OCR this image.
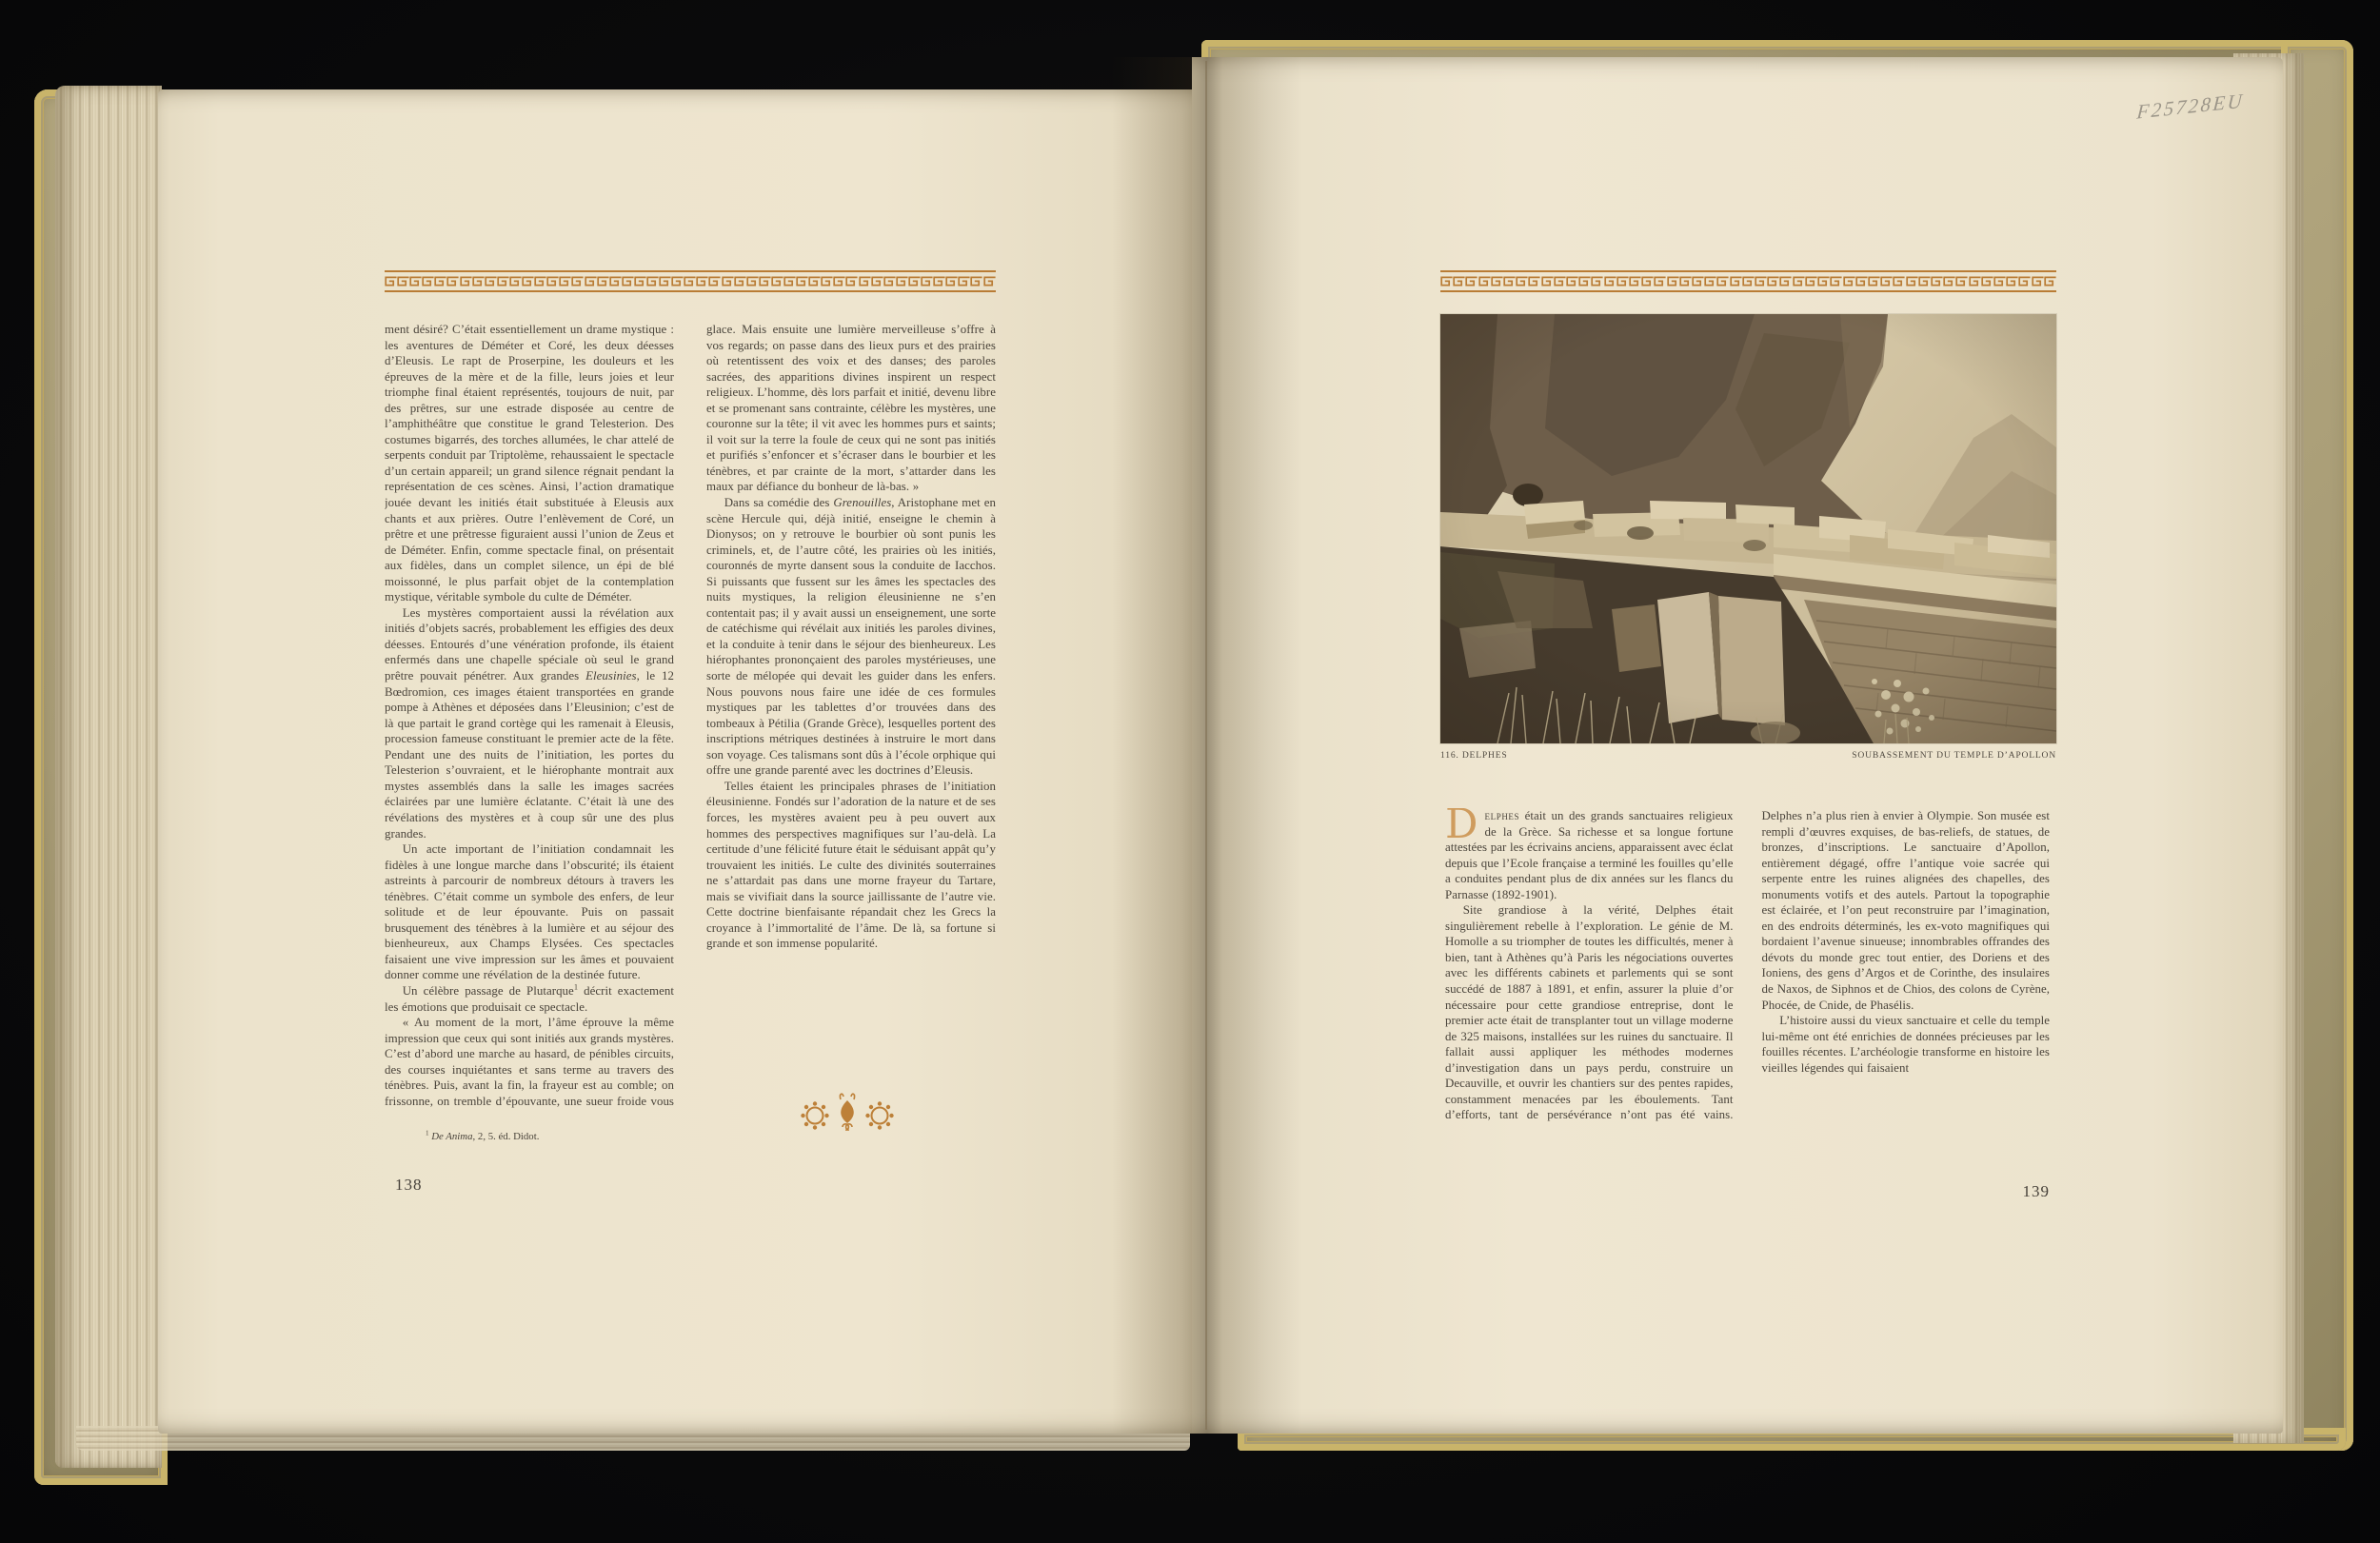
ment désiré? C’était essentiellement un drame mystique : les aventures de Déméter et Coré, les deux déesses d’Eleusis. Le rapt de Proserpine, les douleurs et les épreuves de la mère et de la fille, leurs joies et leur triomphe final étaient représentés, toujours de nuit, par des prêtres, sur une estrade disposée au centre de l’amphithéâtre que constitue le grand Telesterion. Des costumes bigarrés, des torches allumées, le char attelé de serpents conduit par Triptolème, rehaussaient le spectacle d’un certain appareil; un grand silence régnait pendant la représentation de ces scènes. Ainsi, l’action dramatique jouée devant les initiés était substituée à Eleusis aux chants et aux prières. Outre l’enlèvement de Coré, un prêtre et une prêtresse figuraient aussi l’union de Zeus et de Déméter. Enfin, comme spectacle final, on présentait aux fidèles, dans un complet silence, un épi de blé moissonné, le plus parfait objet de la contemplation mystique, véritable symbole du culte de Déméter.

Les mystères comportaient aussi la révélation aux initiés d’objets sacrés, probablement les effigies des deux déesses. Entourés d’une vénération profonde, ils étaient enfermés dans une chapelle spéciale où seul le grand prêtre pouvait pénétrer. Aux grandes Eleusinies, le 12 Bœdromion, ces images étaient transportées en grande pompe à Athènes et déposées dans l’Eleusinion; c’est de là que partait le grand cortège qui les ramenait à Eleusis, procession fameuse constituant le premier acte de la fête. Pendant une des nuits de l’initiation, les portes du Telesterion s’ouvraient, et le hiérophante montrait aux mystes assemblés dans la salle les images sacrées éclairées par une lumière éclatante. C’était là une des révélations des mystères et à coup sûr une des plus grandes.

Un acte important de l’initiation condamnait les fidèles à une longue marche dans l’obscurité; ils étaient astreints à parcourir de nombreux détours à travers les ténèbres. C’était comme un symbole des enfers, de leur solitude et de leur épouvante. Puis on passait brusquement des ténèbres à la lumière et au séjour des bienheureux, aux Champs Elysées. Ces spectacles faisaient une vive impression sur les âmes et pouvaient donner comme une révélation de la destinée future.

Un célèbre passage de Plutarque$^1$ décrit exactement les émotions que produisait ce spectacle.

« Au moment de la mort, l’âme éprouve la même impression que ceux qui sont initiés aux grands mystères. C’est d’abord une marche au hasard, de pénibles circuits, des courses inquiétantes et sans terme au travers des ténèbres. Puis, avant la fin, la frayeur est au comble; on frissonne, on tremble d’épouvante, une sueur froide vous glace. Mais ensuite une lumière merveilleuse s’offre à vos regards; on passe dans des lieux purs et des prairies où retentissent des voix et des danses; des paroles sacrées, des apparitions divines inspirent un respect religieux. L’homme, dès lors parfait et initié, devenu libre et se promenant sans contrainte, célèbre les mystères, une couronne sur la tête; il vit avec les hommes purs et saints; il voit sur la terre la foule de ceux qui ne sont pas initiés et purifiés s’enfoncer et s’écraser dans le bourbier et les ténèbres, et par crainte de la mort, s’attarder dans les maux par défiance du bonheur de là-bas. »

Dans sa comédie des Grenouilles, Aristophane met en scène Hercule qui, déjà initié, enseigne le chemin à Dionysos; on y retrouve le bourbier où sont punis les criminels, et, de l’autre côté, les prairies où les initiés, couronnés de myrte dansent sous la conduite de Iacchos. Si puissants que fussent sur les âmes les spectacles des nuits mystiques, la religion éleusinienne ne s’en contentait pas; il y avait aussi un enseignement, une sorte de catéchisme qui révélait aux initiés les paroles divines, et la conduite à tenir dans le séjour des bienheureux. Les hiérophantes prononçaient des paroles mystérieuses, une sorte de mélopée qui devait les guider dans les enfers. Nous pouvons nous faire une idée de ces formules mystiques par les tablettes d’or trouvées dans des tombeaux à Pétilia (Grande Grèce), lesquelles portent des inscriptions métriques destinées à instruire le mort dans son voyage. Ces talismans sont dûs à l’école orphique qui offre une grande parenté avec les doctrines d’Eleusis.

Telles étaient les principales phrases de l’initiation éleusinienne. Fondés sur l’adoration de la nature et de ses forces, les mystères avaient peu à peu ouvert aux hommes des perspectives magnifiques sur l’au-delà. La certitude d’une félicité future était le séduisant appât qu’y trouvaient les initiés. Le culte des divinités souterraines ne s’attardait pas dans une morne frayeur du Tartare, mais se vivifiait dans la source jaillissante de l’autre vie. Cette doctrine bienfaisante répandait chez les Grecs la croyance à l’immortalité de l’âme. De là, sa fortune si grande et son immense popularité.

$^1$ De Anima, 2, 5. éd. Didot.
138
116. DELPHES	SOUBASSEMENT DU TEMPLE D’APOLLON

Delphes était un des grands sanctuaires religieux de la Grèce. Sa richesse et sa longue fortune attestées par les écrivains anciens, apparaissent avec éclat depuis que l’Ecole française a terminé les fouilles qu’elle a conduites pendant plus de dix années sur les flancs du Parnasse (1892-1901).

Site grandiose à la vérité, Delphes était singulièrement rebelle à l’exploration. Le génie de M. Homolle a su triompher de toutes les difficultés, mener à bien, tant à Athènes qu’à Paris les négociations ouvertes avec les différents cabinets et parlements qui se sont succédé de 1887 à 1891, et enfin, assurer la pluie d’or nécessaire pour cette grandiose entreprise, dont le premier acte était de transplanter tout un village moderne de 325 maisons, installées sur les ruines du sanctuaire. Il fallait aussi appliquer les méthodes modernes d’investigation dans un pays perdu, construire un Decauville, et ouvrir les chantiers sur des pentes rapides, constamment menacées par les éboulements. Tant d’efforts, tant de persévérance n’ont pas été vains. Delphes n’a plus rien à envier à Olympie. Son musée est rempli d’œuvres exquises, de bas-reliefs, de statues, de bronzes, d’inscriptions. Le sanctuaire d’Apollon, entièrement dégagé, offre l’antique voie sacrée qui serpente entre les ruines alignées des chapelles, des monuments votifs et des autels. Partout la topographie est éclairée, et l’on peut reconstruire par l’imagination, en des endroits déterminés, les ex-voto magnifiques qui bordaient l’avenue sinueuse; innombrables offrandes des dévots du monde grec tout entier, des Doriens et des Ioniens, des gens d’Argos et de Corinthe, des insulaires de Naxos, de Siphnos et de Chios, des colons de Cyrène, Phocée, de Cnide, de Phasélis.

L’histoire aussi du vieux sanctuaire et celle du temple lui-même ont été enrichies de données précieuses par les fouilles récentes. L’archéologie transforme en histoire les vieilles légendes qui faisaient

139
F25728EU
